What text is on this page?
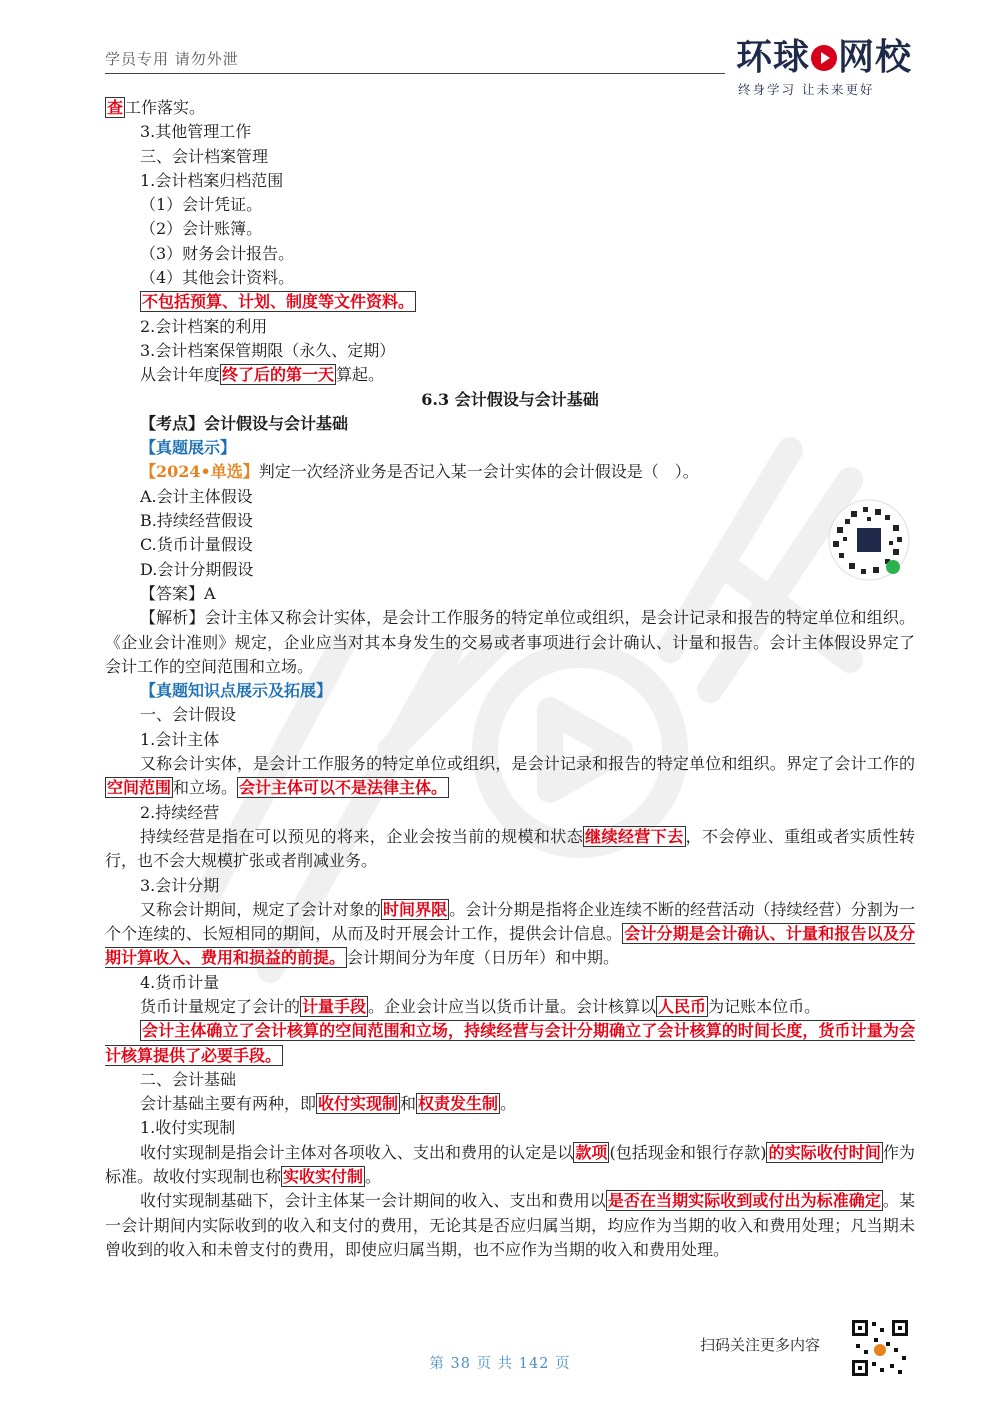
学员专用 请勿外泄	环球 网校
终身学习 让未来更好
查 工作落实。
3.其他管理工作
三、会计档案管理
1.会计档案归档范围
（1）会计凭证。
（2）会计账簿。
（3）财务会计报告。
（4）其他会计资料。
不包括预算、计划、制度等文件资料。
2.会计档案的利用
3.会计档案保管期限（永久、定期）
从会计年度 终了后的第一天 算起。
6.3 会计假设与会计基础
【考点】会计假设与会计基础
【真题展示】
【2024•单选】判定一次经济业务是否记入某一会计实体的会计假设是（　）。
A.会计主体假设
B.持续经营假设
C.货币计量假设
D.会计分期假设
【答案】A
【解析】会计主体又称会计实体，是会计工作服务的特定单位或组织，是会计记录和报告的特定单位和组织。《企业会计准则》规定，企业应当对其本身发生的交易或者事项进行会计确认、计量和报告。会计主体假设界定了会计工作的空间范围和立场。
【真题知识点展示及拓展】
一、会计假设
1.会计主体
又称会计实体，是会计工作服务的特定单位或组织，是会计记录和报告的特定单位和组织。界定了会计工作的空间范围 和立场。 会计主体可以不是法律主体。
2.持续经营
持续经营是指在可以预见的将来，企业会按当前的规模和状态 继续经营下去 ，不会停业、重组或者实质性转行，也不会大规模扩张或者削减业务。
3.会计分期
又称会计期间，规定了会计对象的 时间界限 。会计分期是指将企业连续不断的经营活动（持续经营）分割为一个个连续的、长短相同的期间，从而及时开展会计工作，提供会计信息。 会计分期是会计确认、计量和报告以及分期计算收入、费用和损益的前提。 会计期间分为年度（日历年）和中期。
4.货币计量
货币计量规定了会计的 计量手段 。企业会计应当以货币计量。会计核算以 人民币 为记账本位币。
会计主体确立了会计核算的空间范围和立场，持续经营与会计分期确立了会计核算的时间长度，货币计量为会计核算提供了必要手段。
二、会计基础
会计基础主要有两种，即 收付实现制 和 权责发生制 。
1.收付实现制
收付实现制是指会计主体对各项收入、支出和费用的认定是以 款项 (包括现金和银行存款) 的实际收付时间 作为标准。故收付实现制也称 实收实付制 。
收付实现制基础下，会计主体某一会计期间的收入、支出和费用以 是否在当期实际收到或付出为标准确定 。某一会计期间内实际收到的收入和支付的费用，无论其是否应归属当期，均应作为当期的收入和费用处理；凡当期未曾收到的收入和未曾支付的费用，即使应归属当期，也不应作为当期的收入和费用处理。
扫码关注更多内容
第 38 页 共 142 页
